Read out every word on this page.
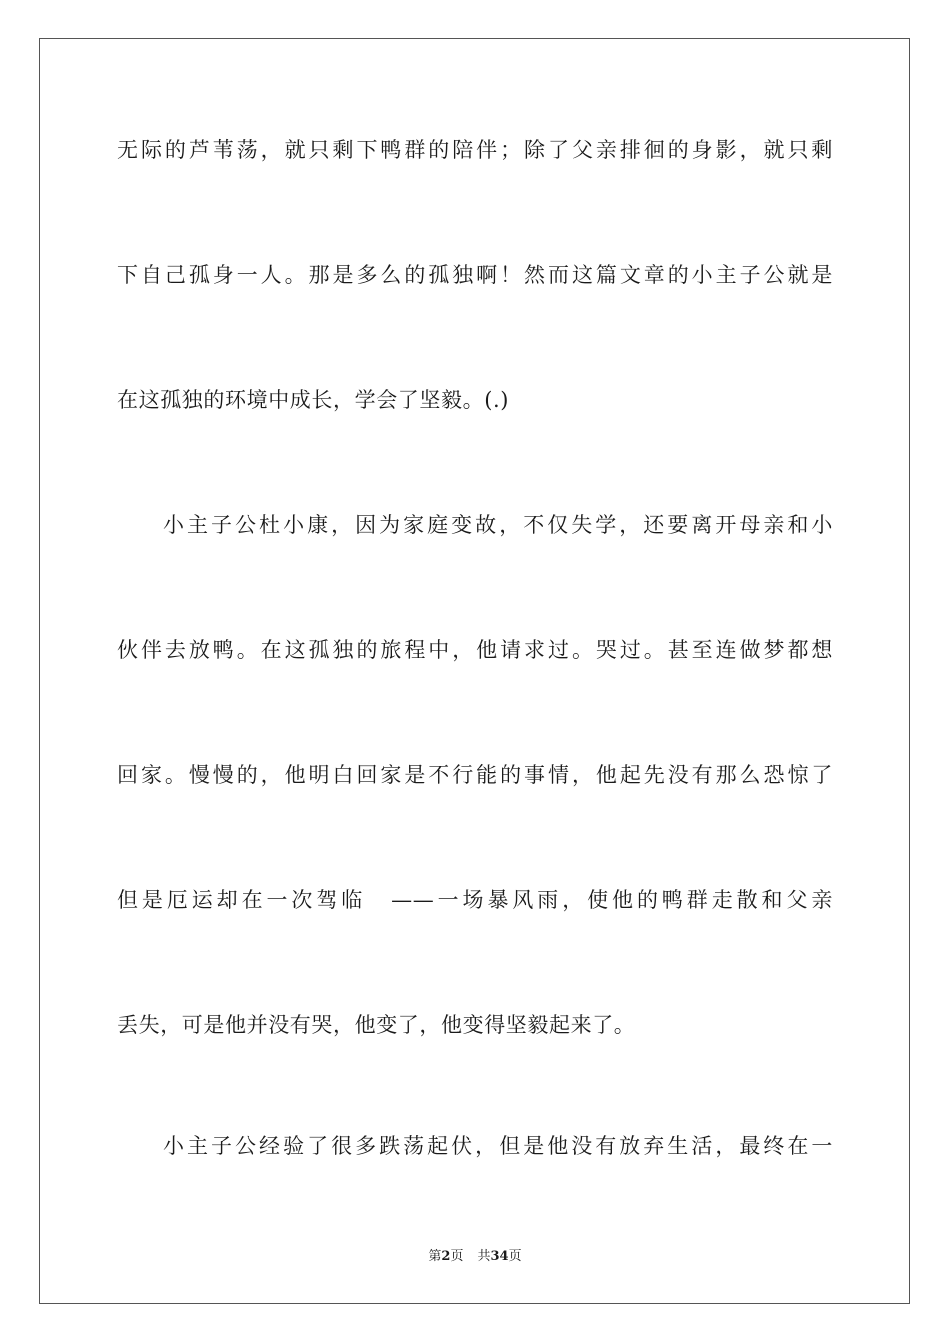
无际的芦苇荡，就只剩下鸭群的陪伴；除了父亲排徊的身影，就只剩
下自己孤身一人。那是多么的孤独啊！然而这篇文章的小主子公就是
在这孤独的环境中成长，学会了坚毅。(.)
小主子公杜小康，因为家庭变故，不仅失学，还要离开母亲和小
伙伴去放鸭。在这孤独的旅程中，他请求过。哭过。甚至连做梦都想
回家。慢慢的，他明白回家是不行能的事情，他起先没有那么恐惊了
但是厄运却在一次驾临　——一场暴风雨，使他的鸭群走散和父亲
丢失，可是他并没有哭，他变了，他变得坚毅起来了。
小主子公经验了很多跌荡起伏，但是他没有放弃生活，最终在一
第2页 共34页
